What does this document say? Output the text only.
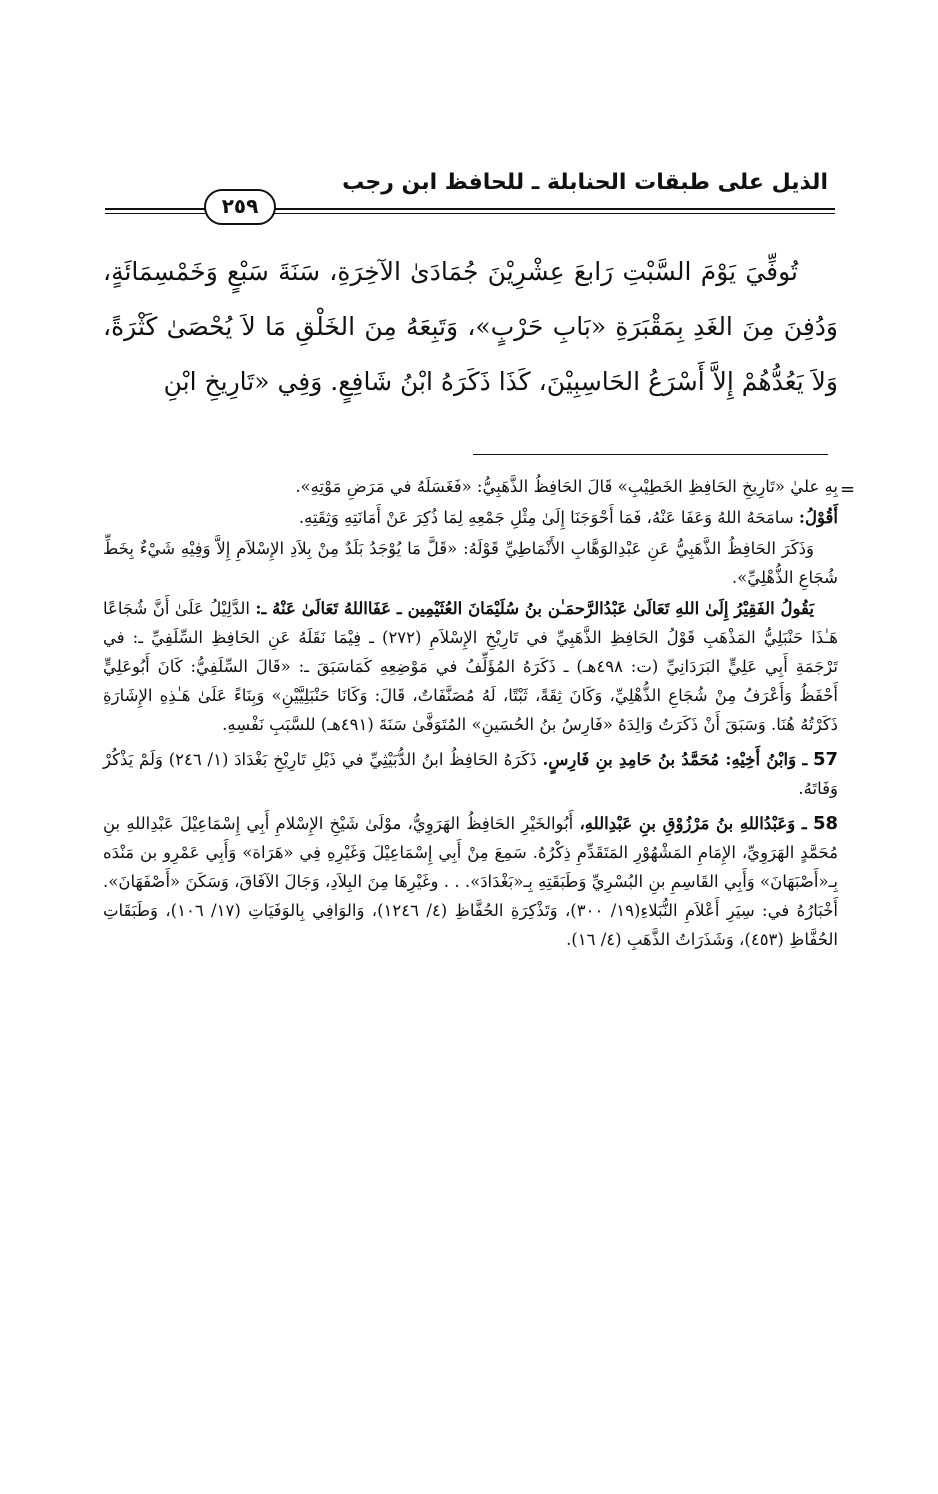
الذيل على طبقات الحنابلة ـ للحافظ ابن رجب
٢٥٩

تُوفِّيَ يَوْمَ السَّبْتِ رَابعَ عِشْرِيْنَ جُمَادَىٰ الآخِرَةِ، سَنَةَ سَبْعٍ وَخَمْسِمَائَةٍ، وَدُفِنَ مِنَ الغَدِ بِمَقْبَرَةِ «بَابِ حَرْبٍ»، وَتَبِعَهُ مِنَ الخَلْقِ مَا لاَ يُحْصَىٰ كَثْرَةً، وَلاَ يَعُدُّهُمْ إِلاَّ أَسْرَعُ الحَاسِبِيْنَ، كَذَا ذَكَرَهُ ابْنُ شَافِعٍ. وَفِي «تَارِيخِ ابْنِ

=

بِهِ عليٰ «تَارِيخِ الحَافِظِ الخَطِيْبِ» قَالَ الحَافِظُ الذَّهَبِيُّ: «فَغَسَلَهُ في مَرَضِ مَوْتِهِ».

أَقُوْلُ: سامَحَهُ اللهُ وَعَفَا عَنْهُ، فَمَا أَحْوَجَنَا إِلَىٰ مِثْلِ جَمْعِهِ لِمَا ذُكِرَ عَنْ أَمَانَتِهِ وَثِقَتِهِ.

وَذَكَرَ الحَافِظُ الذَّهَبِيُّ عَنِ عَبْدِالوَهَّابِ الأَنْمَاطِيِّ قَوْلَهُ: «قَلَّ مَا يُوْجَدُ بَلَدٌ مِنْ بِلاَدِ الإِسْلاَمِ إِلاَّ وَفِيْهِ شَيْءٌ بِخَطِّ شُجَاعِ الذُّهْلِيِّ».

يَقُولُ الفَقِيْرُ إِلَىٰ اللهِ تَعَالَىٰ عَبْدُالرَّحمَـٰن بنُ سُلَيْمَانَ العُثَيْمِين ـ عَفَااللهُ تَعَالَىٰ عَنْهُ ـ: الدَّلِيْلُ عَلَىٰ أَنَّ شُجَاعًا هَـٰذَا حَنْبَلِيُّ المَذْهَبِ قَوْلُ الحَافِظِ الذَّهَبِيِّ في تَارِيْخِ الإِسْلاَمِ (٢٧٢) ـ فِيْمَا نَقَلَهُ عَنِ الحَافِظِ السِّلَفِيِّ ـ: في تَرْجَمَةِ أَبِي عَلِيٍّ البَرَدَانِيِّ (ت: ٤٩٨هـ) ـ ذَكَرَهُ المُؤَلِّفُ في مَوْضِعِهِ كَمَاسَبَقَ ـ: «قَالَ السِّلَفِيُّ: كَانَ أَبُوعَلِيٍّ أَحْفَظُ وَأَعْرَفُ مِنْ شُجَاعِ الذُّهْلِيِّ، وَكَانَ ثِقَةً، ثَبْتًا، لَهُ مُصَنَّفَاتٌ، قَالَ: وَكَانَا حَنْبَلِيَّيْنِ» وَبِنَاءً عَلَىٰ هَـٰذِهِ الإِشَارَةِ ذَكَرْتُهُ هُنَا. وَسَبَقَ أَنْ ذَكَرَتُ وَالِدَهُ «فَارِسُ بنُ الحُسَينِ» المُتَوَفَّىٰ سَنَةَ (٤٩١هـ) للسَّبَبِ نَفْسِهِ.

57 ـ وَابْنُ أَخِيْهِ: مُحَمَّدُ بنُ حَامِدِ بنِ فَارِسٍ. ذَكَرَهُ الحَافِظُ ابنُ الدُّبَيْثِيِّ في ذَيْلِ تَارِيْخِ بَغْدَادَ (١/ ٢٤٦) وَلَمْ يَذْكُرْ وَفَاتَهُ.

58 ـ وَعَبْدُاللهِ بنُ مَرْزُوْقِ بنِ عَبْدِاللهِ، أَبُوالخَيْرِ الحَافِظُ الهَرَوِيُّ، موْلَىٰ شَيْخِ الإِسْلامِ أَبِي إِسْمَاعِيْلَ عَبْدِاللهِ بنِ مُحَمَّدٍ الهَرَوِيِّ، الإِمَامِ المَشْهُوْرِ المَتَقَدِّمِ ذِكْرُهُ. سَمِعَ مِنْ أَبِي إِسْمَاعِيْلَ وَغَيْرِهِ فِي «هَرَاة» وَأَبِي عَمْرِو بن مَنْدَه بِـ«أَصْبَهَانَ» وَأَبِي القَاسِمِ بنِ البُسْرِيِّ وَطَبَقَتِهِ بِـ«بَغْدَادَ». . . وغَيْرِهَا مِنَ البِلاَدِ، وَجَالَ الآفَاقَ، وَسَكَنَ «أَصْفَهَانَ». أَخْبَارُهُ في: سِيَرِ أَعْلاَمِ النُّبَلاءِ(١٩/ ٣٠٠)، وَتَذْكِرَةِ الحُفَّاظِ (٤/ ١٢٤٦)، وَالوَافِي بِالوَفَيَاتِ (١٧/ ١٠٦)، وَطَبَقَاتِ الحُفَّاظِ (٤٥٣)، وَشَذَرَاتُ الذَّهَبِ (٤/ ١٦).
